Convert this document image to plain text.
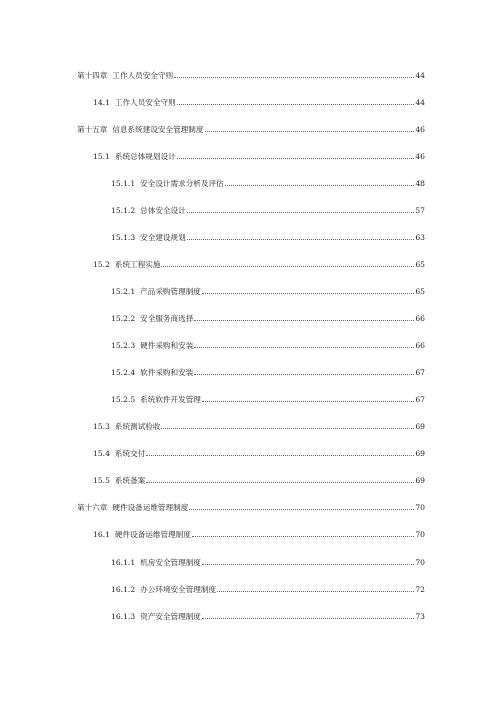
第十四章 工作人员安全守则	44
14.1 工作人员安全守则	44
第十五章 信息系统建设安全管理制度	46
15.1 系统总体规划设计	46
15.1.1 安全设计需求分析及评估	48
15.1.2 总体安全设计	57
15.1.3 安全建设规划	63
15.2 系统工程实施	65
15.2.1 产品采购管理制度	65
15.2.2 安全服务商选择	66
15.2.3 硬件采购和安装	66
15.2.4 软件采购和安装	67
15.2.5 系统软件开发管理	67
15.3 系统测试验收	69
15.4 系统交付	69
15.5 系统备案	69
第十六章 硬件设备运维管理制度	70
16.1 硬件设备运维管理制度	70
16.1.1 机房安全管理制度	70
16.1.2 办公环境安全管理制度	72
16.1.3 资产安全管理制度	73
